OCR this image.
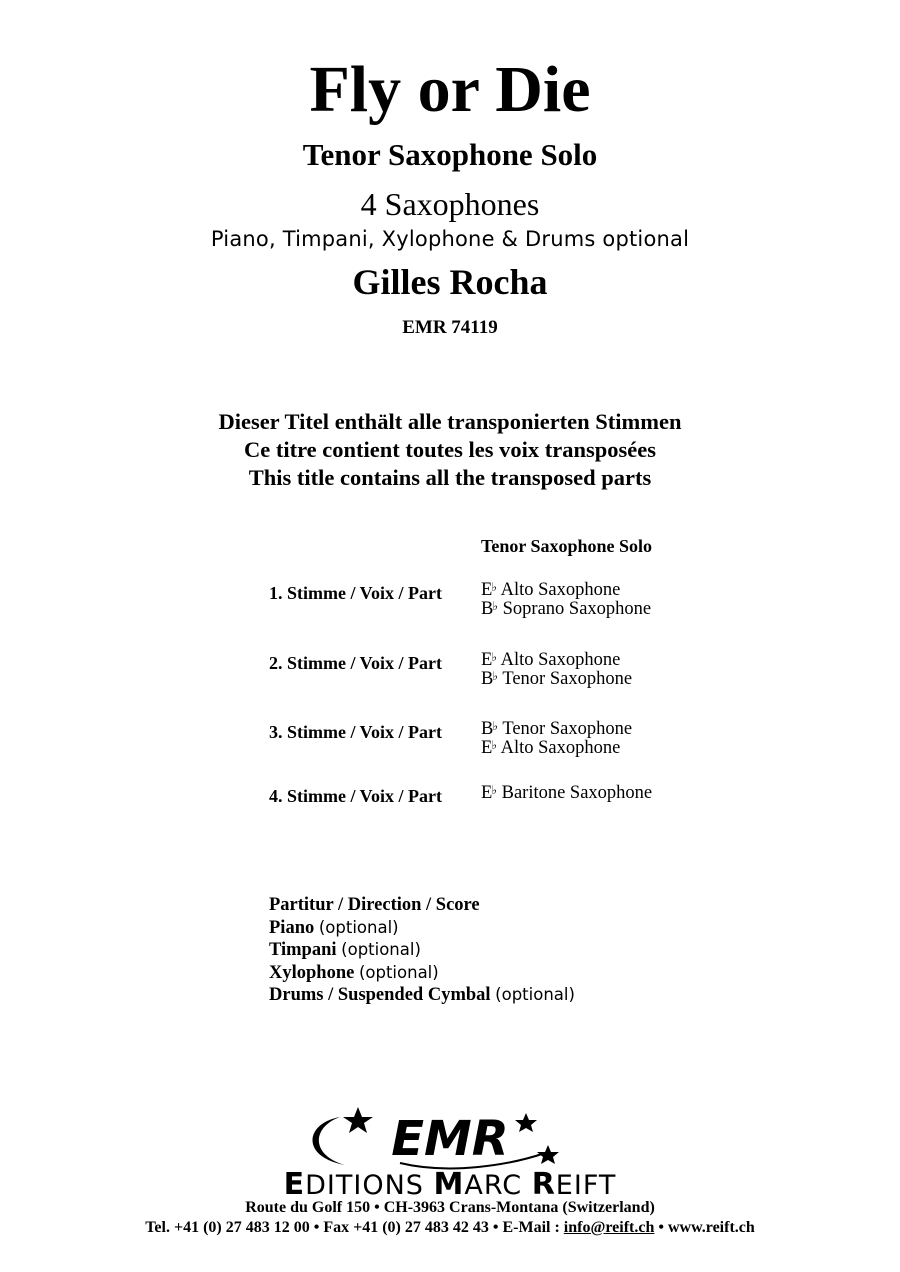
Fly or Die
Tenor Saxophone Solo
4 Saxophones
Piano, Timpani, Xylophone & Drums optional
Gilles Rocha
EMR 74119
Dieser Titel enthält alle transponierten Stimmen
Ce titre contient toutes les voix transposées
This title contains all the transposed parts
Tenor Saxophone Solo
1. Stimme / Voix / Part E♭ Alto Saxophone
B♭ Soprano Saxophone
2. Stimme / Voix / Part E♭ Alto Saxophone
B♭ Tenor Saxophone
3. Stimme / Voix / Part B♭ Tenor Saxophone
E♭ Alto Saxophone
4. Stimme / Voix / Part E♭ Baritone Saxophone
Partitur / Direction / Score
Piano (optional)
Timpani (optional)
Xylophone (optional)
Drums / Suspended Cymbal (optional)
EMR
EDITIONS MARC REIFT
Route du Golf 150 • CH-3963 Crans-Montana (Switzerland)
Tel. +41 (0) 27 483 12 00 • Fax +41 (0) 27 483 42 43 • E-Mail : info@reift.ch • www.reift.ch
